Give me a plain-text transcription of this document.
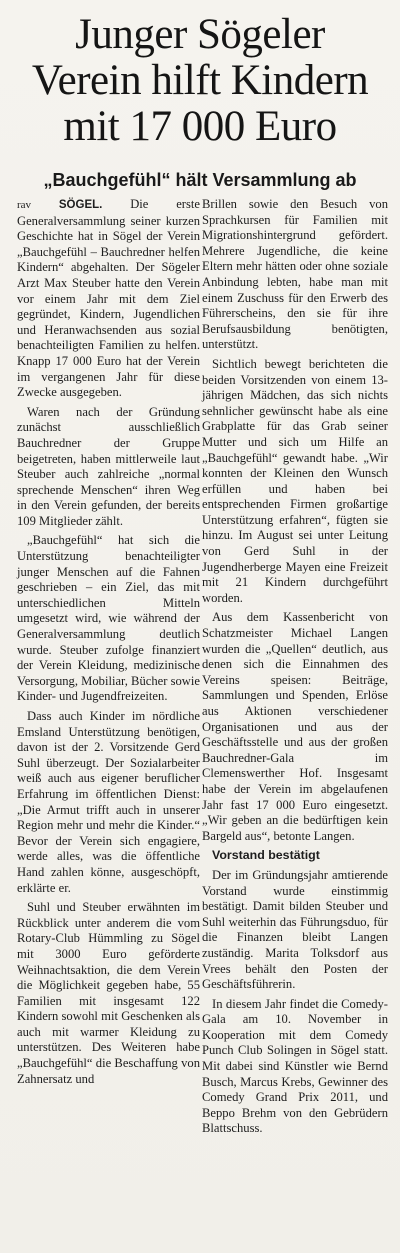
Junger Sögeler
Verein hilft Kindern
mit 17 000 Euro
„Bauchgefühl“ hält Versammlung ab

rav SÖGEL. Die erste Generalversammlung seiner kurzen Geschichte hat in Sögel der Verein „Bauchgefühl – Bauchredner helfen Kindern“ abgehalten. Der Sögeler Arzt Max Steuber hatte den Verein vor einem Jahr mit dem Ziel gegründet, Kindern, Jugendlichen und Heranwachsenden aus sozial benachteiligten Familien zu helfen. Knapp 17 000 Euro hat der Verein im vergangenen Jahr für diese Zwecke ausgegeben.

Waren nach der Gründung zunächst ausschließlich Bauchredner der Gruppe beigetreten, haben mittlerweile laut Steuber auch zahlreiche „normal sprechende Menschen“ ihren Weg in den Verein gefunden, der bereits 109 Mitglieder zählt.

„Bauchgefühl“ hat sich die Unterstützung benachteiligter junger Menschen auf die Fahnen geschrieben – ein Ziel, das mit unterschiedlichen Mitteln umgesetzt wird, wie während der Generalversammlung deutlich wurde. Steuber zufolge finanziert der Verein Kleidung, medizinische Versorgung, Mobiliar, Bücher sowie Kinder- und Jugendfreizeiten.

Dass auch Kinder im nördliche Emsland Unterstützung benötigen, davon ist der 2. Vorsitzende Gerd Suhl überzeugt. Der Sozialarbeiter weiß auch aus eigener beruflicher Erfahrung im öffentlichen Dienst: „Die Armut trifft auch in unserer Region mehr und mehr die Kinder.“ Bevor der Verein sich engagiere, werde alles, was die öffentliche Hand zahlen könne, ausgeschöpft, erklärte er.

Suhl und Steuber erwähnten im Rückblick unter anderem die vom Rotary-Club Hümmling zu Sögel mit 3000 Euro geförderte Weihnachtsaktion, die dem Verein die Möglichkeit gegeben habe, 55 Familien mit insgesamt 122 Kindern sowohl mit Geschenken als auch mit warmer Kleidung zu unterstützen. Des Weiteren habe „Bauchgefühl“ die Beschaffung von Zahnersatz und

Brillen sowie den Besuch von Sprachkursen für Familien mit Migrationshintergrund gefördert. Mehrere Jugendliche, die keine Eltern mehr hätten oder ohne soziale Anbindung lebten, habe man mit einem Zuschuss für den Erwerb des Führerscheins, den sie für ihre Berufsausbildung benötigten, unterstützt.

Sichtlich bewegt berichteten die beiden Vorsitzenden von einem 13-jährigen Mädchen, das sich nichts sehnlicher gewünscht habe als eine Grabplatte für das Grab seiner Mutter und sich um Hilfe an „Bauchgefühl“ gewandt habe. „Wir konnten der Kleinen den Wunsch erfüllen und haben bei entsprechenden Firmen großartige Unterstützung erfahren“, fügten sie hinzu. Im August sei unter Leitung von Gerd Suhl in der Jugendherberge Mayen eine Freizeit mit 21 Kindern durchgeführt worden.

Aus dem Kassenbericht von Schatzmeister Michael Langen wurden die „Quellen“ deutlich, aus denen sich die Einnahmen des Vereins speisen: Beiträge, Sammlungen und Spenden, Erlöse aus Aktionen verschiedener Organisationen und aus der Geschäftsstelle und aus der großen Bauchredner-Gala im Clemenswerther Hof. Insgesamt habe der Verein im abgelaufenen Jahr fast 17 000 Euro eingesetzt. „Wir geben an die bedürftigen kein Bargeld aus“, betonte Langen.

Vorstand bestätigt

Der im Gründungsjahr amtierende Vorstand wurde einstimmig bestätigt. Damit bilden Steuber und Suhl weiterhin das Führungsduo, für die Finanzen bleibt Langen zuständig. Marita Tolksdorf aus Vrees behält den Posten der Geschäftsführerin.

In diesem Jahr findet die Comedy-Gala am 10. November in Kooperation mit dem Comedy Punch Club Solingen in Sögel statt. Mit dabei sind Künstler wie Bernd Busch, Marcus Krebs, Gewinner des Comedy Grand Prix 2011, und Beppo Brehm von den Gebrüdern Blattschuss.
